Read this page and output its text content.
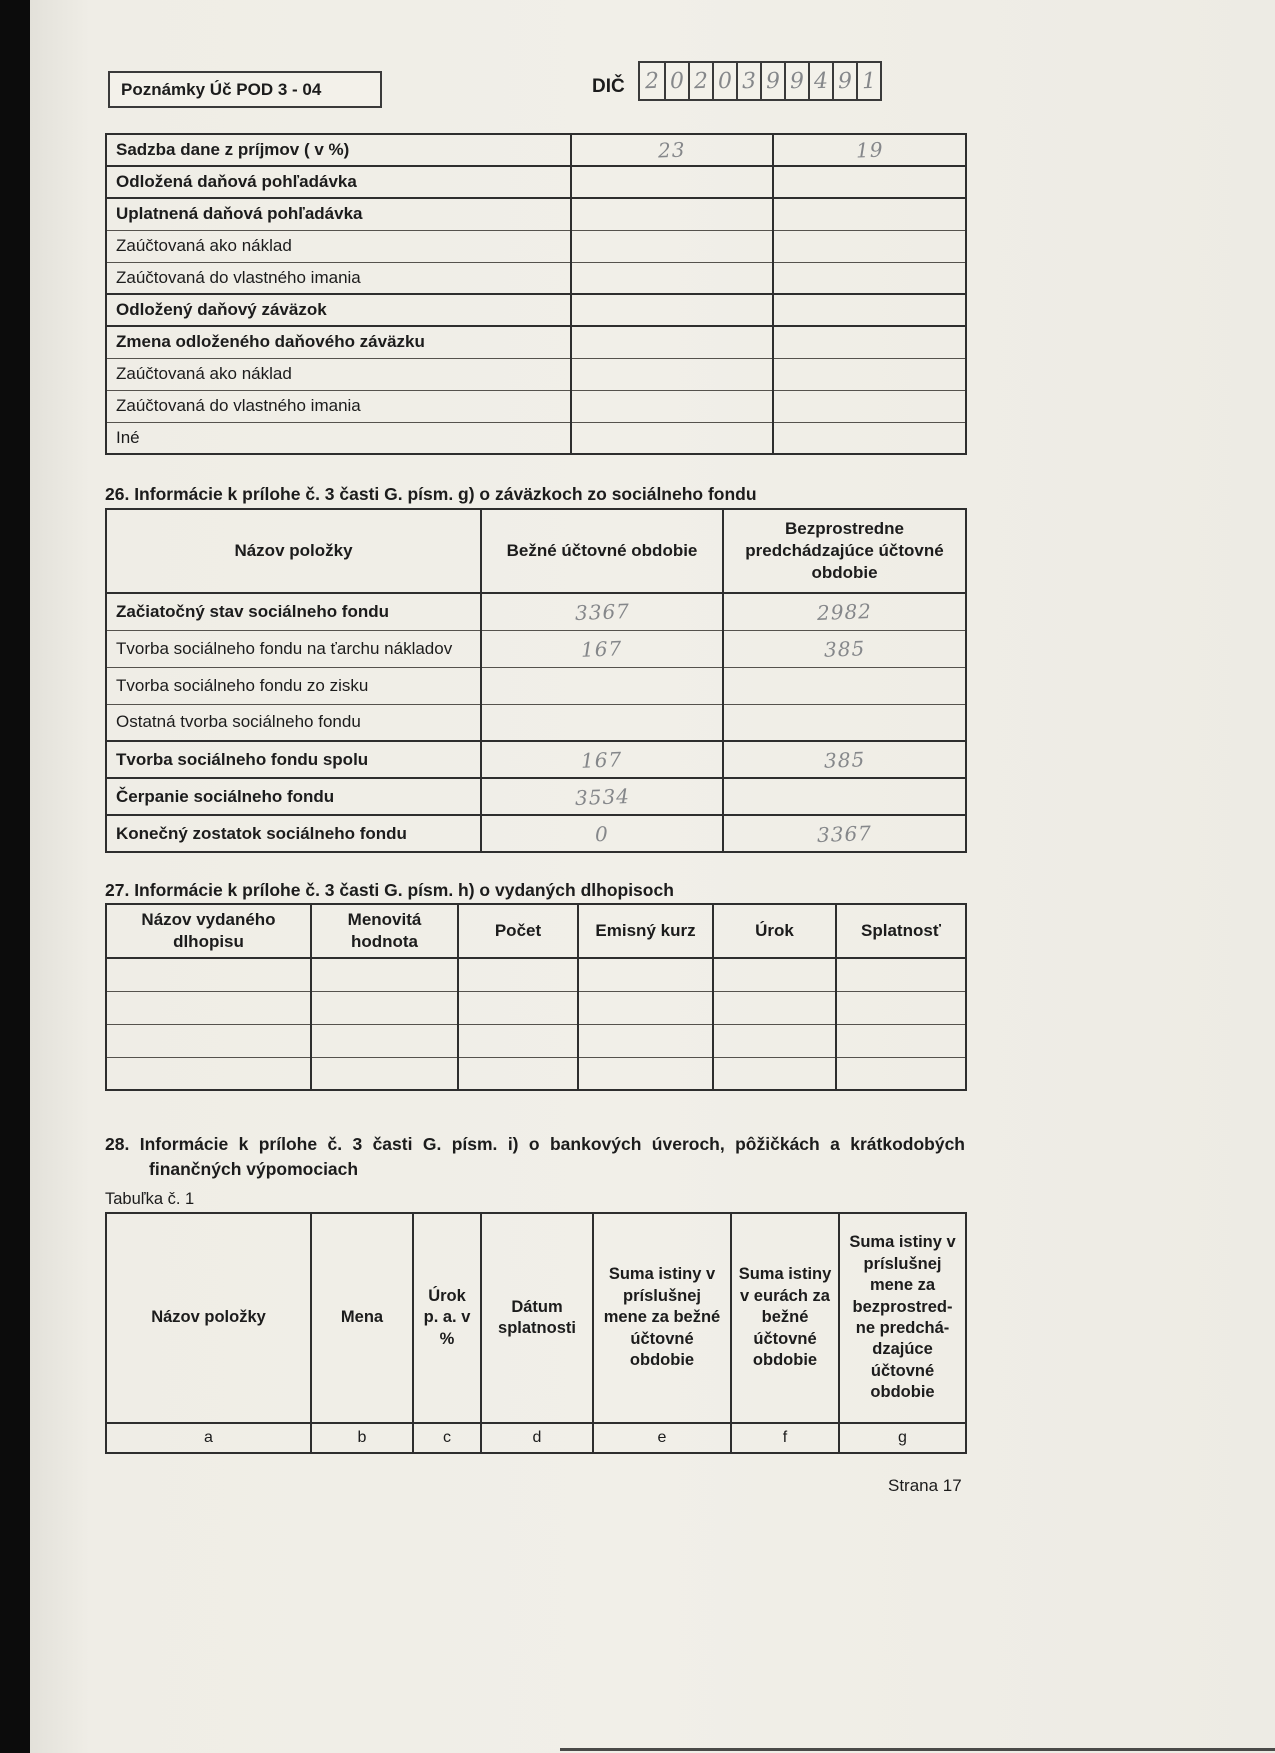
Poznámky Úč POD 3 - 04	DIČ 2 0 2 0 3 9 9 4 9 1
Sadzba dane z príjmov ( v %)	23	19
Odložená daňová pohľadávka		
Uplatnená daňová pohľadávka		
Zaúčtovaná ako náklad		
Zaúčtovaná do vlastného imania		
Odložený daňový záväzok		
Zmena odloženého daňového záväzku		
Zaúčtovaná ako náklad		
Zaúčtovaná do vlastného imania		
Iné		
26. Informácie k prílohe č. 3 časti G. písm. g) o záväzkoch zo sociálneho fondu
Názov položky	Bežné účtovné obdobie	Bezprostredne predchádzajúce účtovné obdobie
Začiatočný stav sociálneho fondu	3367	2982
Tvorba sociálneho fondu na ťarchu nákladov	167	385
Tvorba sociálneho fondu zo zisku		
Ostatná tvorba sociálneho fondu		
Tvorba sociálneho fondu spolu	167	385
Čerpanie sociálneho fondu	3534	
Konečný zostatok sociálneho fondu	0	3367
27. Informácie k prílohe č. 3 časti G. písm. h) o vydaných dlhopisoch
Názov vydaného dlhopisu	Menovitá hodnota	Počet	Emisný kurz	Úrok	Splatnosť

28. Informácie k prílohe č. 3 časti G. písm. i) o bankových úveroch, pôžičkách a krátkodobých
finančných výpomociach
Tabuľka č. 1
Názov položky	Mena	Úrok p. a. v %	Dátum splatnosti	Suma istiny v príslušnej mene za bežné účtovné obdobie	Suma istiny v eurách za bežné účtovné obdobie	Suma istiny v príslušnej mene za bezprostred-ne predchá- dzajúce účtovné obdobie
a	b	c	d	e	f	g
Strana 17
